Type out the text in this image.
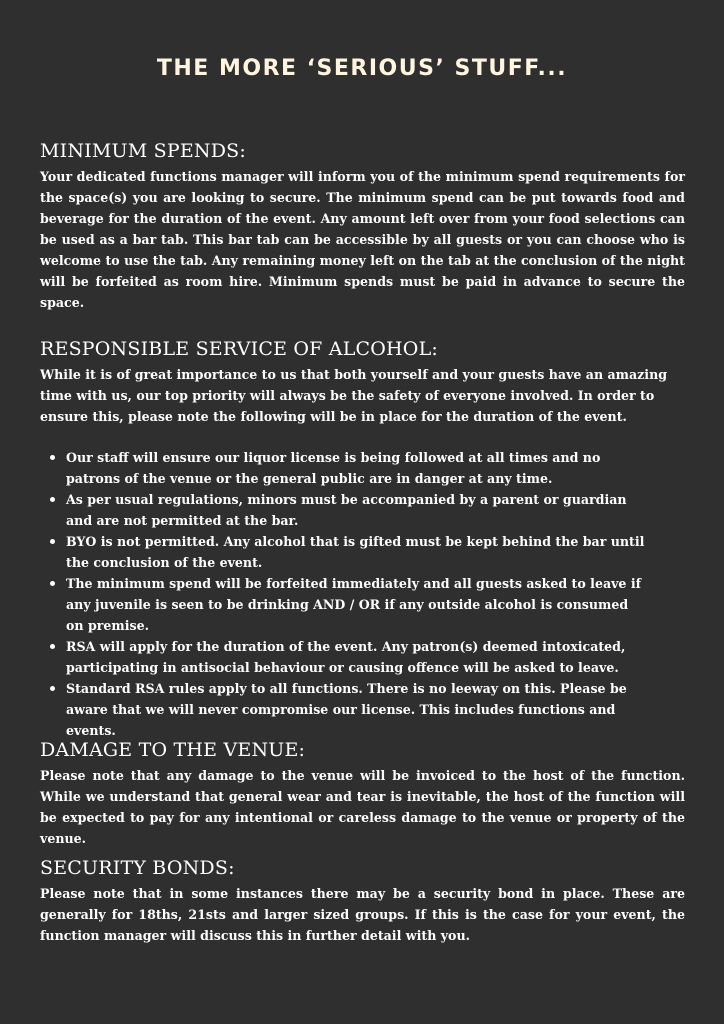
THE MORE ‘SERIOUS’ STUFF...
MINIMUM SPENDS:

Your dedicated functions manager will inform you of the minimum spend requirements for the space(s) you are looking to secure. The minimum spend can be put towards food and beverage for the duration of the event. Any amount left over from your food selections can be used as a bar tab. This bar tab can be accessible by all guests or you can choose who is welcome to use the tab. Any remaining money left on the tab at the conclusion of the night will be forfeited as room hire. Minimum spends must be paid in advance to secure the space.

RESPONSIBLE SERVICE OF ALCOHOL:

While it is of great importance to us that both yourself and your guests have an amazing time with us, our top priority will always be the safety of everyone involved. In order to ensure this, please note the following will be in place for the duration of the event.

Our staff will ensure our liquor license is being followed at all times and no patrons of the venue or the general public are in danger at any time.
As per usual regulations, minors must be accompanied by a parent or guardian and are not permitted at the bar.
BYO is not permitted. Any alcohol that is gifted must be kept behind the bar until the conclusion of the event.
The minimum spend will be forfeited immediately and all guests asked to leave if any juvenile is seen to be drinking AND / OR if any outside alcohol is consumed on premise.
RSA will apply for the duration of the event. Any patron(s) deemed intoxicated, participating in antisocial behaviour or causing offence will be asked to leave.
Standard RSA rules apply to all functions. There is no leeway on this. Please be aware that we will never compromise our license. This includes functions and events.
DAMAGE TO THE VENUE:

Please note that any damage to the venue will be invoiced to the host of the function. While we understand that general wear and tear is inevitable, the host of the function will be expected to pay for any intentional or careless damage to the venue or property of the venue.

SECURITY BONDS:

Please note that in some instances there may be a security bond in place. These are generally for 18ths, 21sts and larger sized groups. If this is the case for your event, the function manager will discuss this in further detail with you.
